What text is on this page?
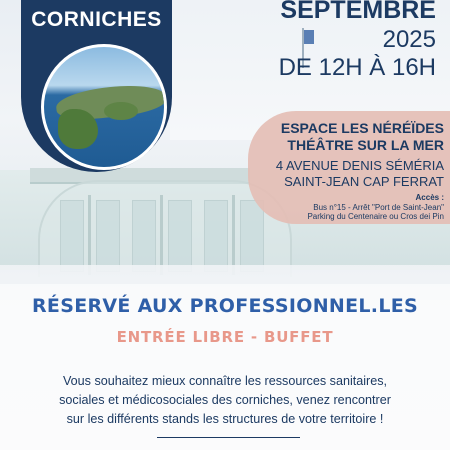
CORNICHES	SEPTEMBRE
2025
DE 12H À 16H
ESPACE LES NÉRÉÏDES
THÉÂTRE SUR LA MER
4 AVENUE DENIS SÉMÉRIA
SAINT-JEAN CAP FERRAT
Accès :
Bus n°15 - Arrêt "Port de Saint-Jean"
Parking du Centenaire ou Cros dei Pin
RÉSERVÉ AUX PROFESSIONNEL.LES
ENTRÉE LIBRE - BUFFET
Vous souhaitez mieux connaître les ressources sanitaires,
sociales et médicosociales des corniches, venez rencontrer
sur les différents stands les structures de votre territoire !
